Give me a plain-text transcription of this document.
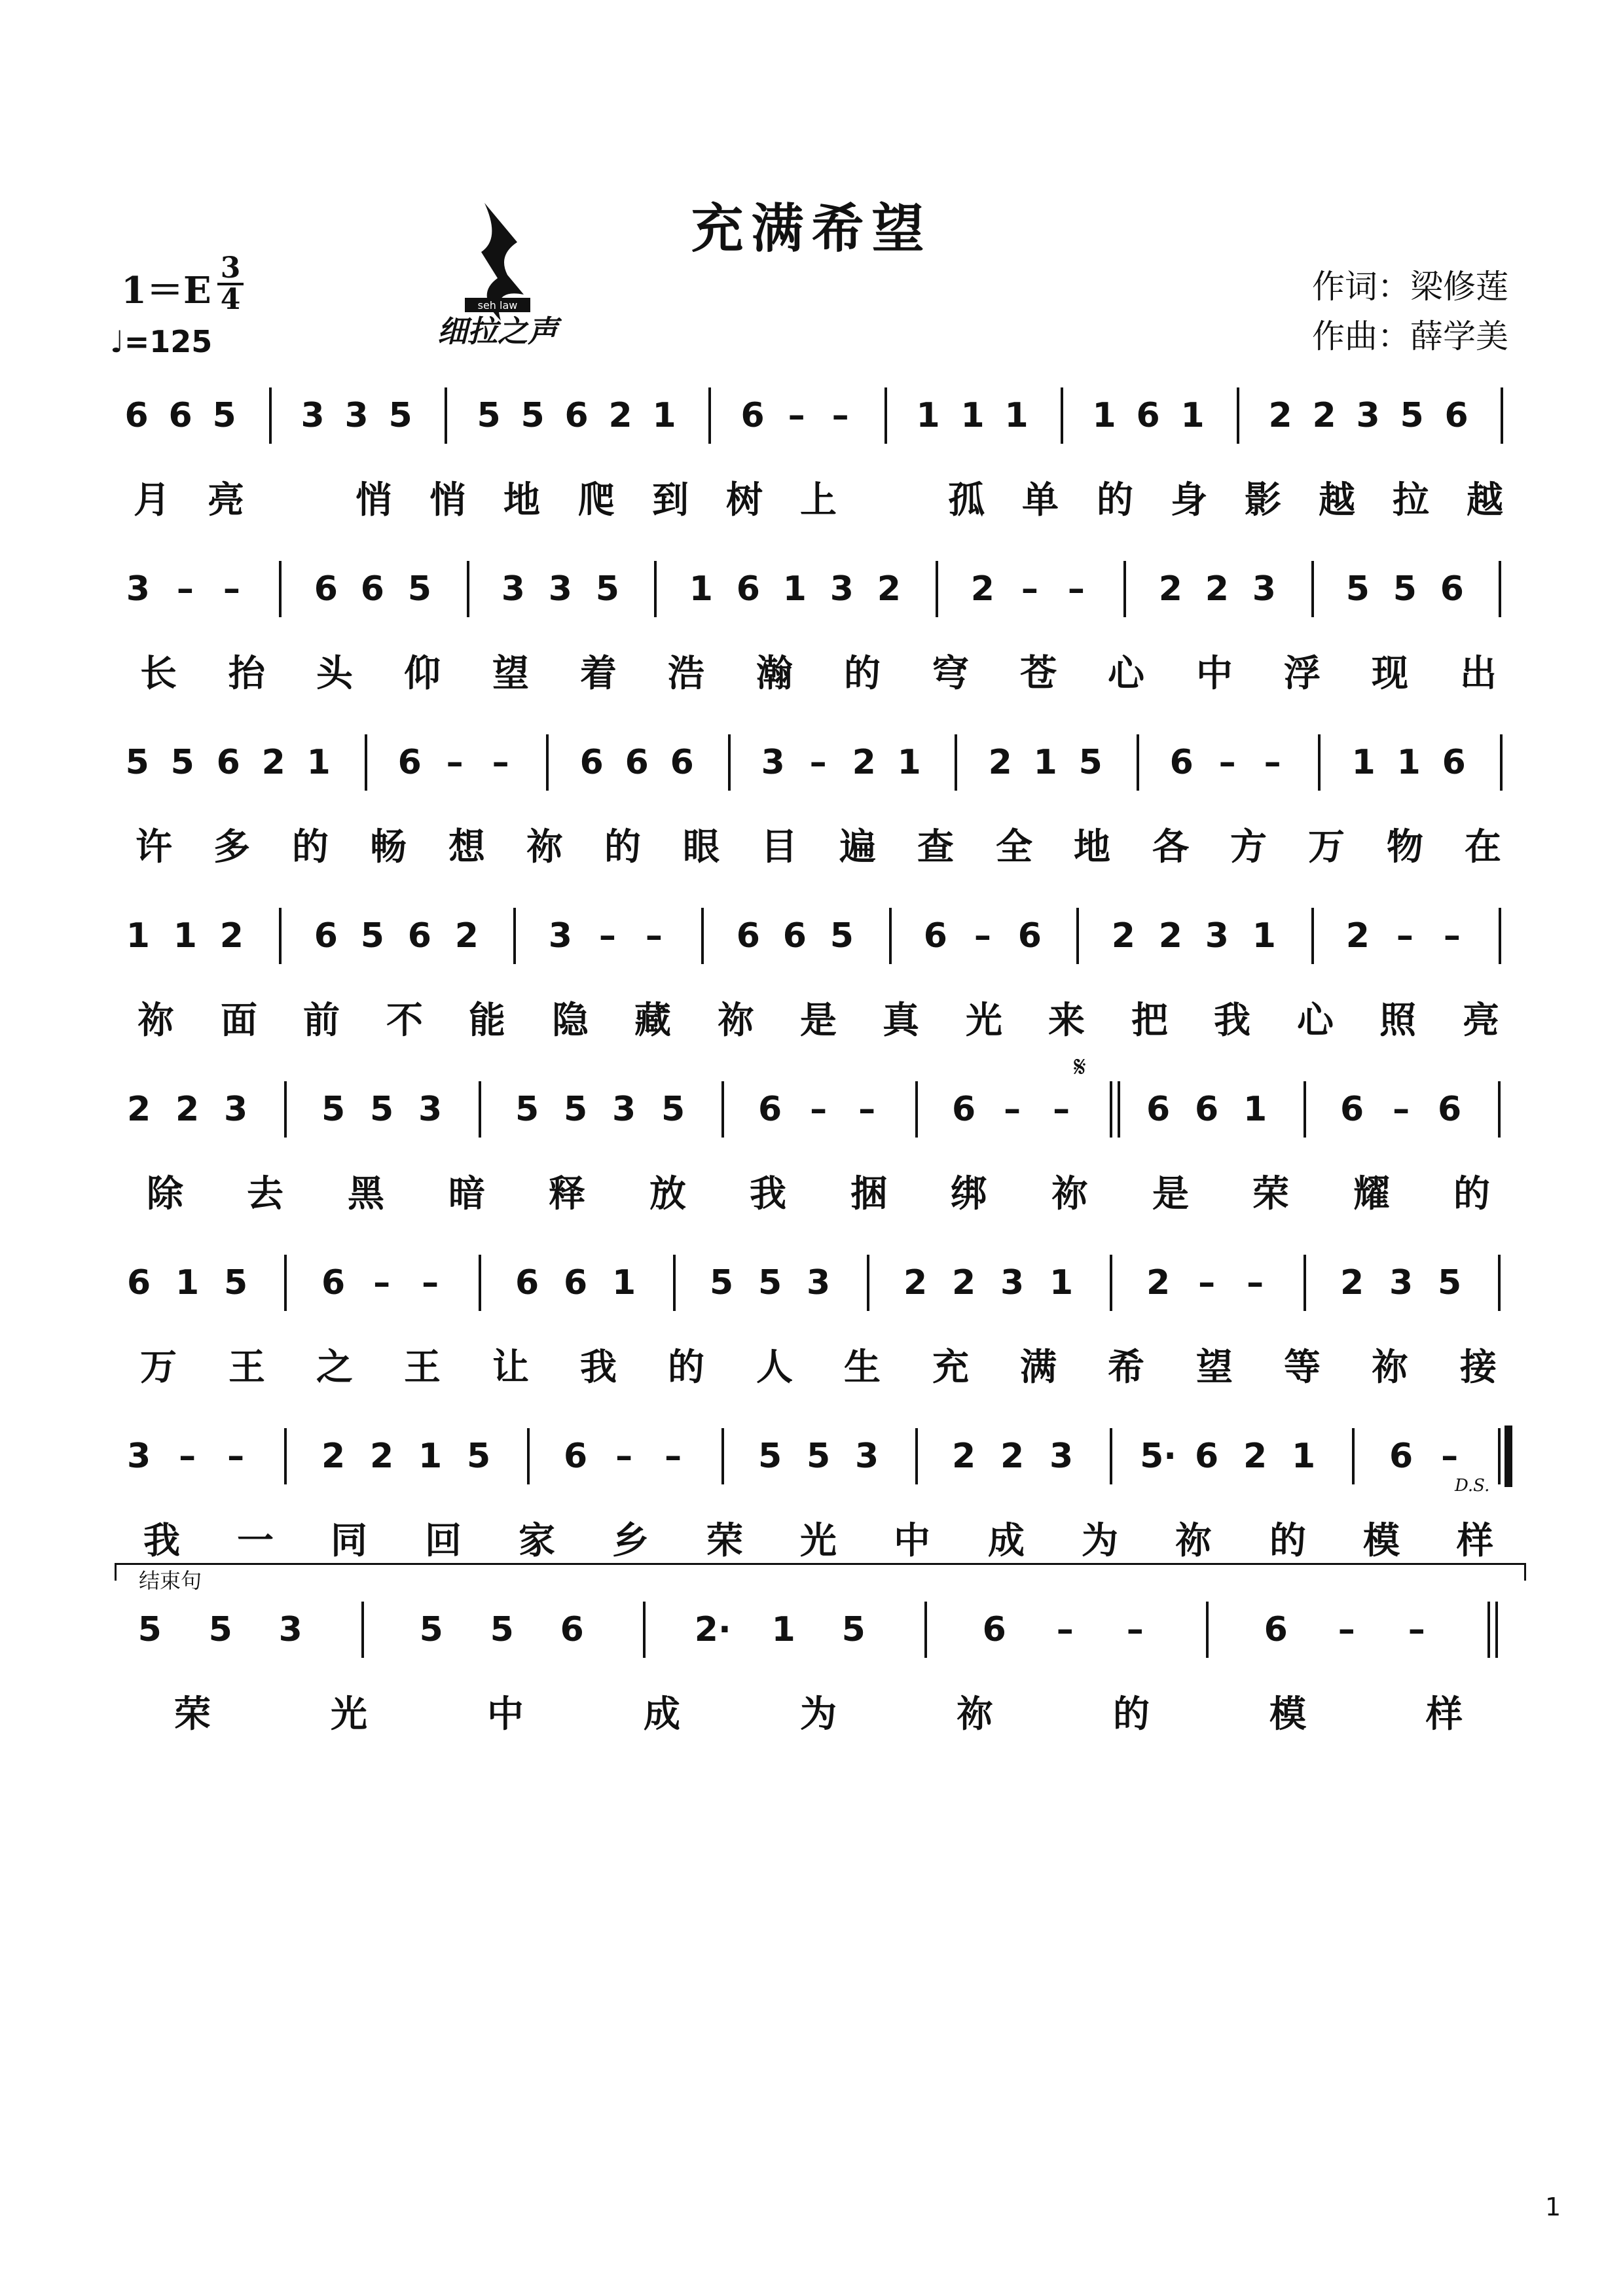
充满希望
1＝E
3
4
♩=125
seh law
细拉之声
作词：梁修莲
作曲：薛学美
6 6 5 3 3 5 5 5 6 2 1 6 – – 1 1 1 1 6 1 2 2 3 5 6
月 亮	悄 悄 地 爬 到 树 上	孤 单 的 身 影 越 拉 越
3 – – 6 6 5 3 3 5 1 6 1 3 2 2 – – 2 2 3 5 5 6
长 抬 头 仰 望 着 浩 瀚 的 穹 苍 心 中 浮 现 出
5 5 6 2 1 6 – – 6 6 6 3 – 2 1 2 1 5 6 – – 1 1 6
许 多 的 畅 想 祢 的 眼 目 遍 查 全 地 各 方 万 物 在
1 1 2 6 5 6 2 3 – – 6 6 5 6 – 6 2 2 3 1 2 – –
祢 面 前 不 能 隐 藏 祢 是 真 光 来 把 我 心 照 亮
2 2 3 5 5 3 5 5 3 5 6 – – 6 – – 6 6 1 6 – 6
除 去 黑 暗 释 放 我 捆 绑 祢 是 荣 耀 的
6 1 5 6 – – 6 6 1 5 5 3 2 2 3 1 2 – – 2 3 5
万 王 之 王 让 我 的 人 生 充 满 希 望 等 祢 接
3 – – 2 2 1 5 6 – – 5 5 3 2 2 3 5· 6 2 1 6 –
我 一 同 回 家 乡 荣 光 中 成 为 祢 的 模 样
5 5 3	5 5 6	2· 1 5	6 – –	6 – –
荣	光	中	成	为	祢	的	模	样
𝄋
D.S.
结束句
1
